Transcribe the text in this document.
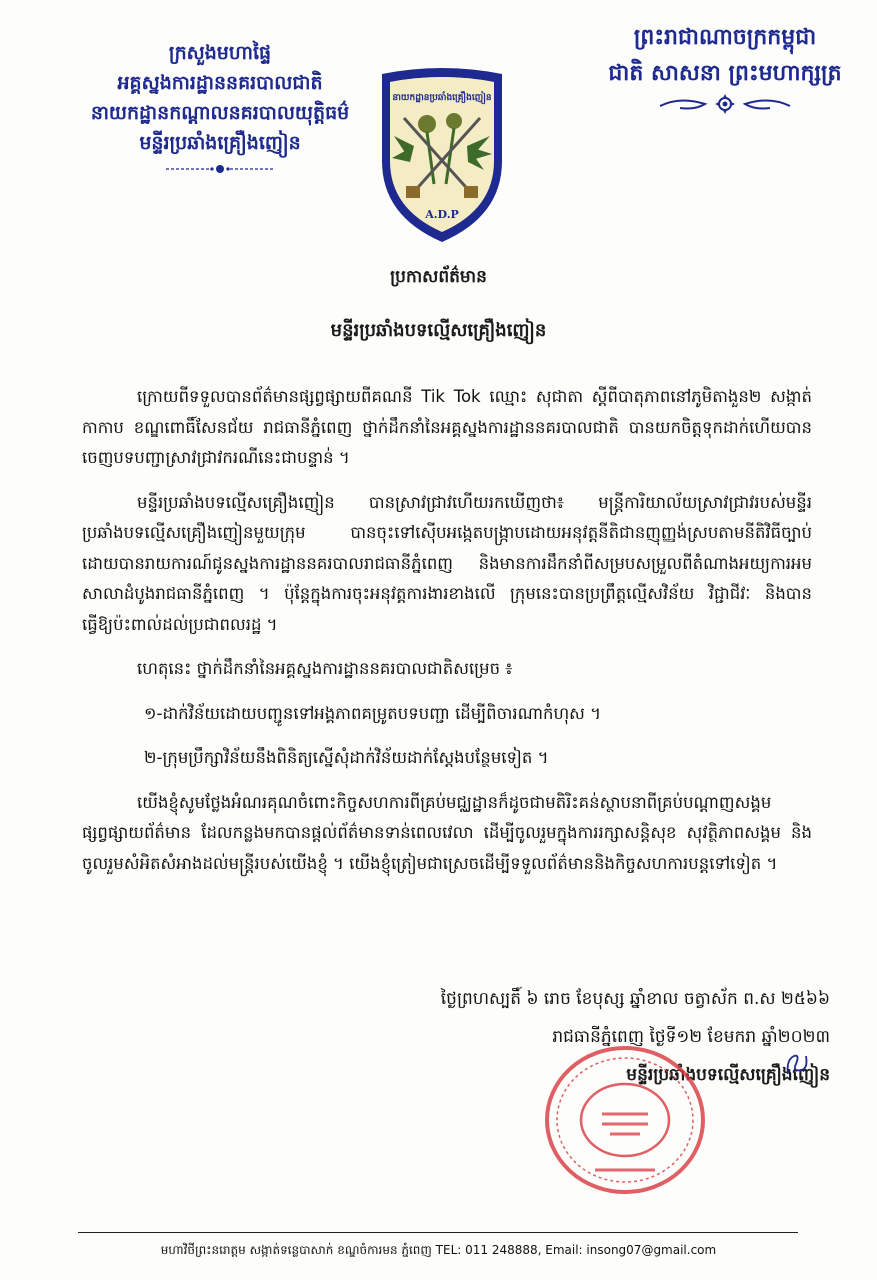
ក្រសួងមហាផ្ទៃ
អគ្គស្នងការដ្ឋាននគរបាលជាតិ
នាយកដ្ឋានកណ្តាលនគរបាលយុត្តិធម៌
មន្ទីរប្រឆាំងគ្រឿងញៀន
ព្រះរាជាណាចក្រកម្ពុជា
ជាតិ សាសនា ព្រះមហាក្សត្រ
នាយកដ្ឋានប្រឆាំងគ្រឿងញៀន
A.D.P
ប្រកាសព័ត៌មាន
មន្ទីរប្រឆាំងបទល្មើសគ្រឿងញៀន

ក្រោយពីទទួលបានព័ត៌មានផ្សព្វផ្សាយពីគណនី Tik Tok ឈ្មោះ សុជាតា ស្តីពីបាតុភាពនៅភូមិតាងួន២ សង្កាត់កាកាប ខណ្ឌពោធិ៍សែនជ័យ រាជធានីភ្នំពេញ ថ្នាក់ដឹកនាំនៃអគ្គស្នងការដ្ឋាននគរបាលជាតិ បានយកចិត្តទុកដាក់ហើយបានចេញបទបញ្ជាស្រាវជ្រាវករណីនេះជាបន្ទាន់ ។

មន្ទីរប្រឆាំងបទល្មើសគ្រឿងញៀន បានស្រាវជ្រាវហើយរកឃើញថា៖ មន្ត្រីការិយាល័យស្រាវជ្រាវរបស់មន្ទីរប្រឆាំងបទល្មើសគ្រឿងញៀនមួយក្រុម បានចុះទៅស៊ើបអង្កេតបង្ក្រាបដោយអនុវត្តនីតិជានញុញ្ញង់ស្របតាមនីតិវិធីច្បាប់ ដោយបានរាយការណ៍ជូនស្នងការដ្ឋាននគរបាលរាជធានីភ្នំពេញ និងមានការដឹកនាំពីសម្របសម្រួលពីតំណាងអយ្យការអមសាលាដំបូងរាជធានីភ្នំពេញ ។ ប៉ុន្តែក្នុងការចុះអនុវត្តការងារខាងលើ ក្រុមនេះបានប្រព្រឹត្តល្មើសវិន័យ វិជ្ជាជីវៈ និងបានធ្វើឱ្យប៉ះពាល់ដល់ប្រជាពលរដ្ឋ ។

ហេតុនេះ ថ្នាក់ដឹកនាំនៃអគ្គស្នងការដ្ឋាននគរបាលជាតិសម្រេច ៖

១-ដាក់វិន័យដោយបញ្ជូនទៅអង្គភាពគម្រូតបទបញ្ជា ដើម្បីពិចារណាកំហុស ។
២-ក្រុមប្រឹក្សាវិន័យនឹងពិនិត្យស្នើសុំដាក់វិន័យដាក់ស្តែងបន្ថែមទៀត ។

យើងខ្ញុំសូមថ្លែងអំណរគុណចំពោះកិច្ចសហការពីគ្រប់មជ្ឈដ្ឋានក៏ដូចជាមតិរិះគន់ស្ថាបនាពីគ្រប់បណ្តាញសង្គមផ្សព្វផ្សាយព័ត៌មាន ដែលកន្លងមកបានផ្តល់ព័ត៌មានទាន់ពេលវេលា ដើម្បីចូលរួមក្នុងការរក្សាសន្តិសុខ សុវត្ថិភាពសង្គម និងចូលរួមសំអិតសំអាងដល់មន្ត្រីរបស់យើងខ្ញុំ ។ យើងខ្ញុំត្រៀមជាស្រេចដើម្បីទទួលព័ត៌មាននិងកិច្ចសហការបន្តទៅទៀត ។

ថ្ងៃព្រហស្បតិ៍ ៦ រោច ខែបុស្ស ឆ្នាំខាល ចត្វាស័ក ព.ស ២៥៦៦
រាជធានីភ្នំពេញ ថ្ងៃទី១២ ខែមករា ឆ្នាំ២០២៣
មន្ទីរប្រឆាំងបទល្មើសគ្រឿងញៀន
មហាវិថីព្រះនរោត្តម សង្កាត់ទន្លេបាសាក់ ខណ្ឌចំការមន ភ្នំពេញ TEL: 011 248888, Email: insong07@gmail.com
